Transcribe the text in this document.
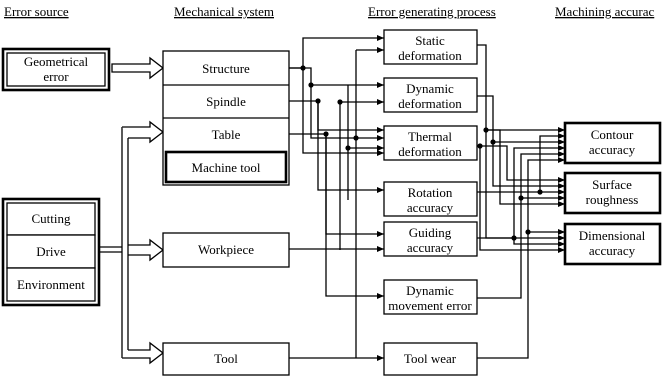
Error source	Mechanical system	Error generating process	Machining accurac
Geometrical
error
Cutting
Drive
Environment
Structure
Spindle
Table
Machine tool
Workpiece
Tool
Static
deformation
Dynamic
deformation
Thermal
deformation
Rotation
accuracy
Guiding
accuracy
Dynamic
movement error
Tool wear
Contour
accuracy
Surface
roughness
Dimensional
accuracy
